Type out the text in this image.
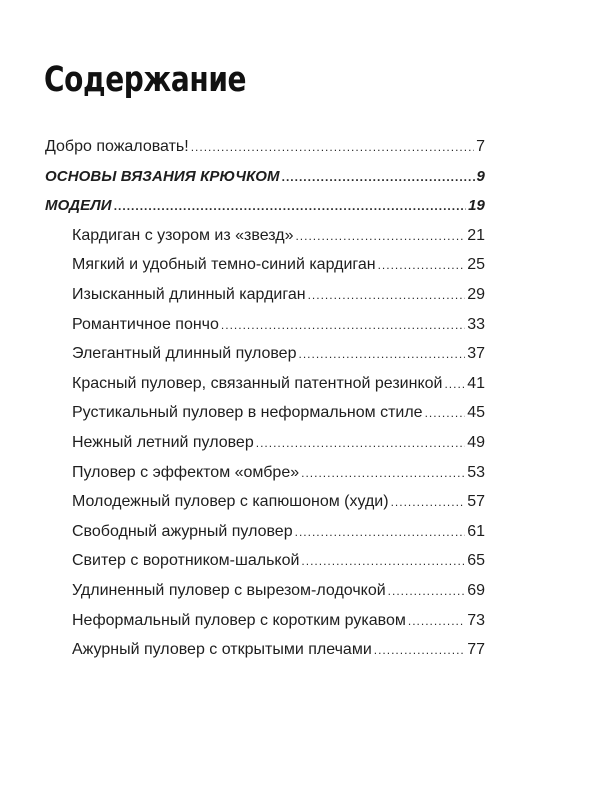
Содержание
Добро пожаловать! .....	7
ОСНОВЫ ВЯЗАНИЯ КРЮЧКОМ .....	9
МОДЕЛИ .....	19
Кардиган с узором из «звезд» .....	21
Мягкий и удобный темно-синий кардиган .....	25
Изысканный длинный кардиган .....	29
Романтичное пончо .....	33
Элегантный длинный пуловер .....	37
Красный пуловер, связанный патентной резинкой ..... 41
Рустикальный пуловер в неформальном стиле .....	45
Нежный летний пуловер .....	49
Пуловер с эффектом «омбре» .....	53
Молодежный пуловер с капюшоном (худи) .....	57
Свободный ажурный пуловер .....	61
Свитер с воротником-шалькой .....	65
Удлиненный пуловер с вырезом-лодочкой .....	69
Неформальный пуловер с коротким рукавом .....	73
Ажурный пуловер с открытыми плечами .....	77
